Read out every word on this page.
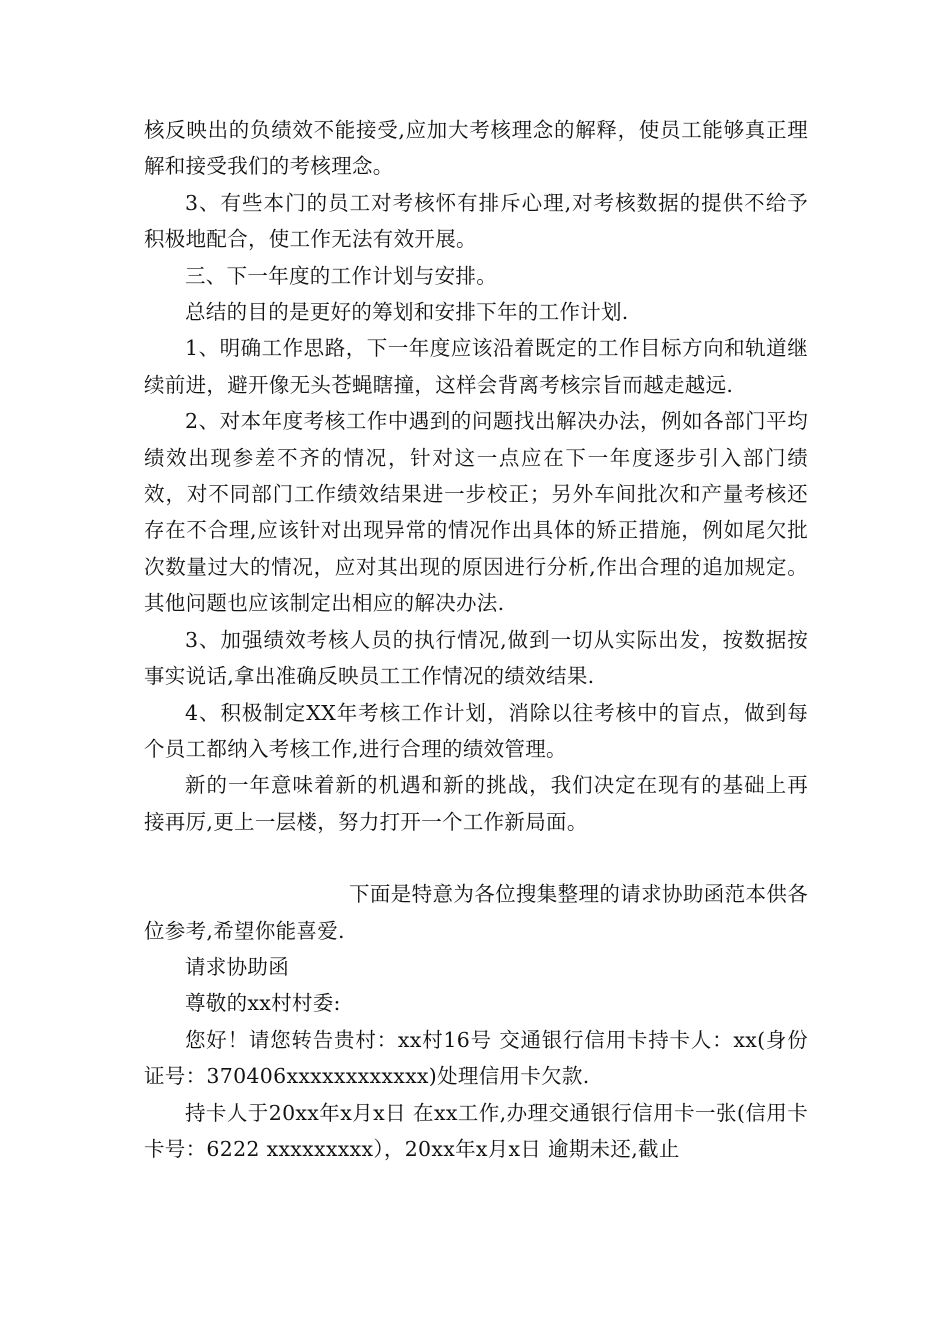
核反映出的负绩效不能接受,应加大考核理念的解释，使员工能够真正理解和接受我们的考核理念。

3、有些本门的员工对考核怀有排斥心理,对考核数据的提供不给予积极地配合，使工作无法有效开展。

三、下一年度的工作计划与安排。

总结的目的是更好的筹划和安排下年的工作计划.

1、明确工作思路，下一年度应该沿着既定的工作目标方向和轨道继续前进，避开像无头苍蝇瞎撞，这样会背离考核宗旨而越走越远.

2、对本年度考核工作中遇到的问题找出解决办法，例如各部门平均绩效出现参差不齐的情况，针对这一点应在下一年度逐步引入部门绩效，对不同部门工作绩效结果进一步校正；另外车间批次和产量考核还存在不合理,应该针对出现异常的情况作出具体的矫正措施，例如尾欠批次数量过大的情况，应对其出现的原因进行分析,作出合理的追加规定。其他问题也应该制定出相应的解决办法.

3、加强绩效考核人员的执行情况,做到一切从实际出发，按数据按事实说话,拿出准确反映员工工作情况的绩效结果.

4、积极制定XX年考核工作计划，消除以往考核中的盲点，做到每个员工都纳入考核工作,进行合理的绩效管理。

新的一年意味着新的机遇和新的挑战，我们决定在现有的基础上再接再厉,更上一层楼，努力打开一个工作新局面。

下面是特意为各位搜集整理的请求协助函范本供各位参考,希望你能喜爱.

请求协助函

尊敬的xx村村委:

您好！请您转告贵村：xx村16号 交通银行信用卡持卡人：xx(身份证号：370406xxxxxxxxxxxx)处理信用卡欠款.

持卡人于20xx年x月x日 在xx工作,办理交通银行信用卡一张(信用卡卡号：6222 xxxxxxxxx），20xx年x月x日 逾期未还,截止
